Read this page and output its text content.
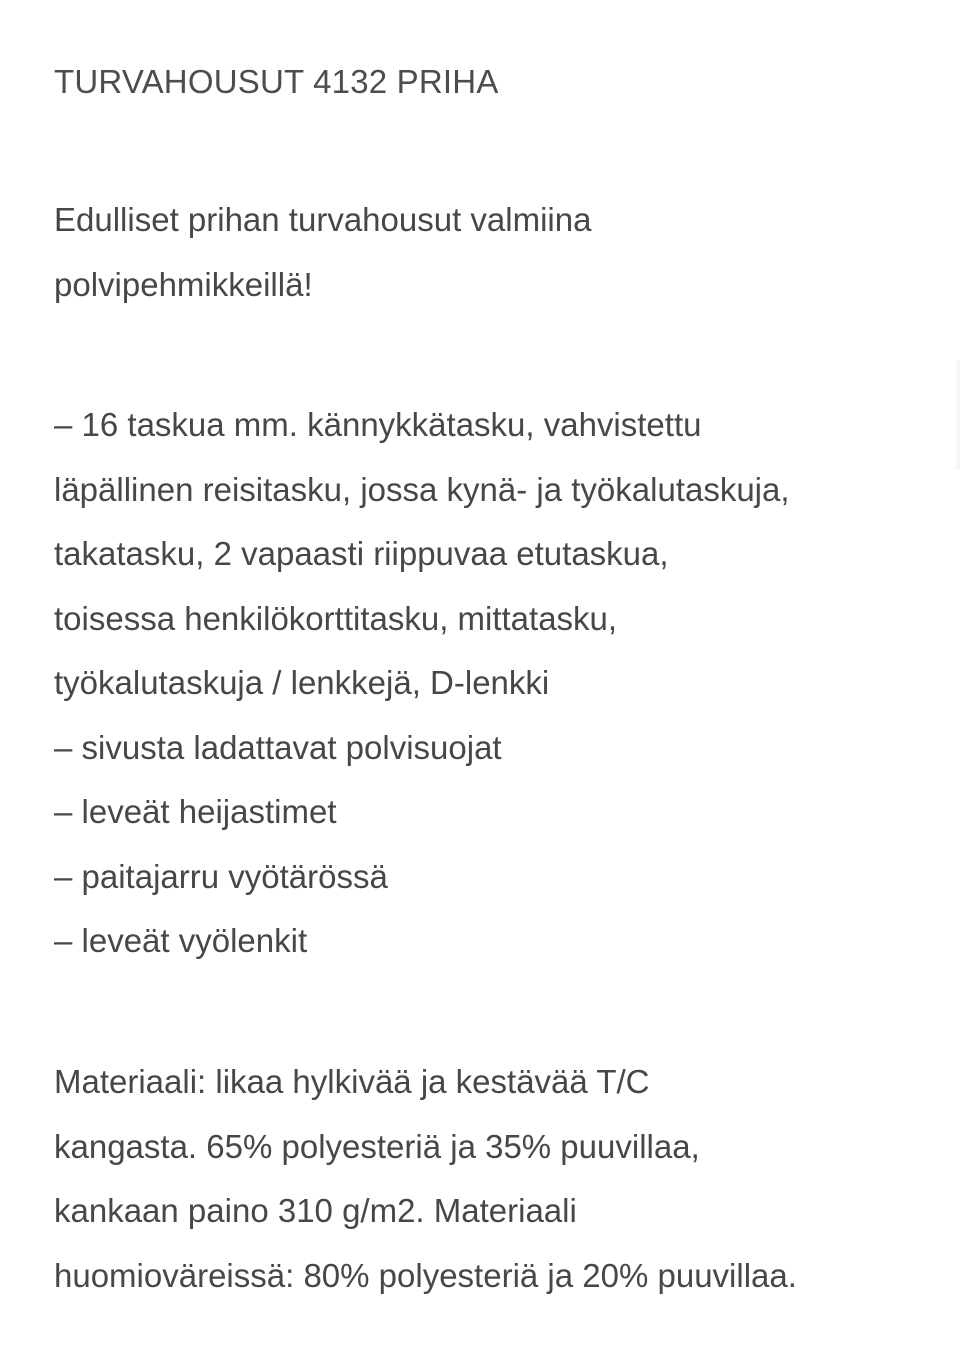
TURVAHOUSUT 4132 PRIHA
Edulliset prihan turvahousut valmiina
polvipehmikkeillä!
– 16 taskua mm. kännykkätasku, vahvistettu
läpällinen reisitasku, jossa kynä- ja työkalutaskuja,
takatasku, 2 vapaasti riippuvaa etutaskua,
toisessa henkilökorttitasku, mittatasku,
työkalutaskuja / lenkkejä, D-lenkki
– sivusta ladattavat polvisuojat
– leveät heijastimet
– paitajarru vyötärössä
– leveät vyölenkit
Materiaali: likaa hylkivää ja kestävää T/C
kangasta. 65% polyesteriä ja 35% puuvillaa,
kankaan paino 310 g/m2. Materiaali
huomioväreissä: 80% polyesteriä ja 20% puuvillaa.
